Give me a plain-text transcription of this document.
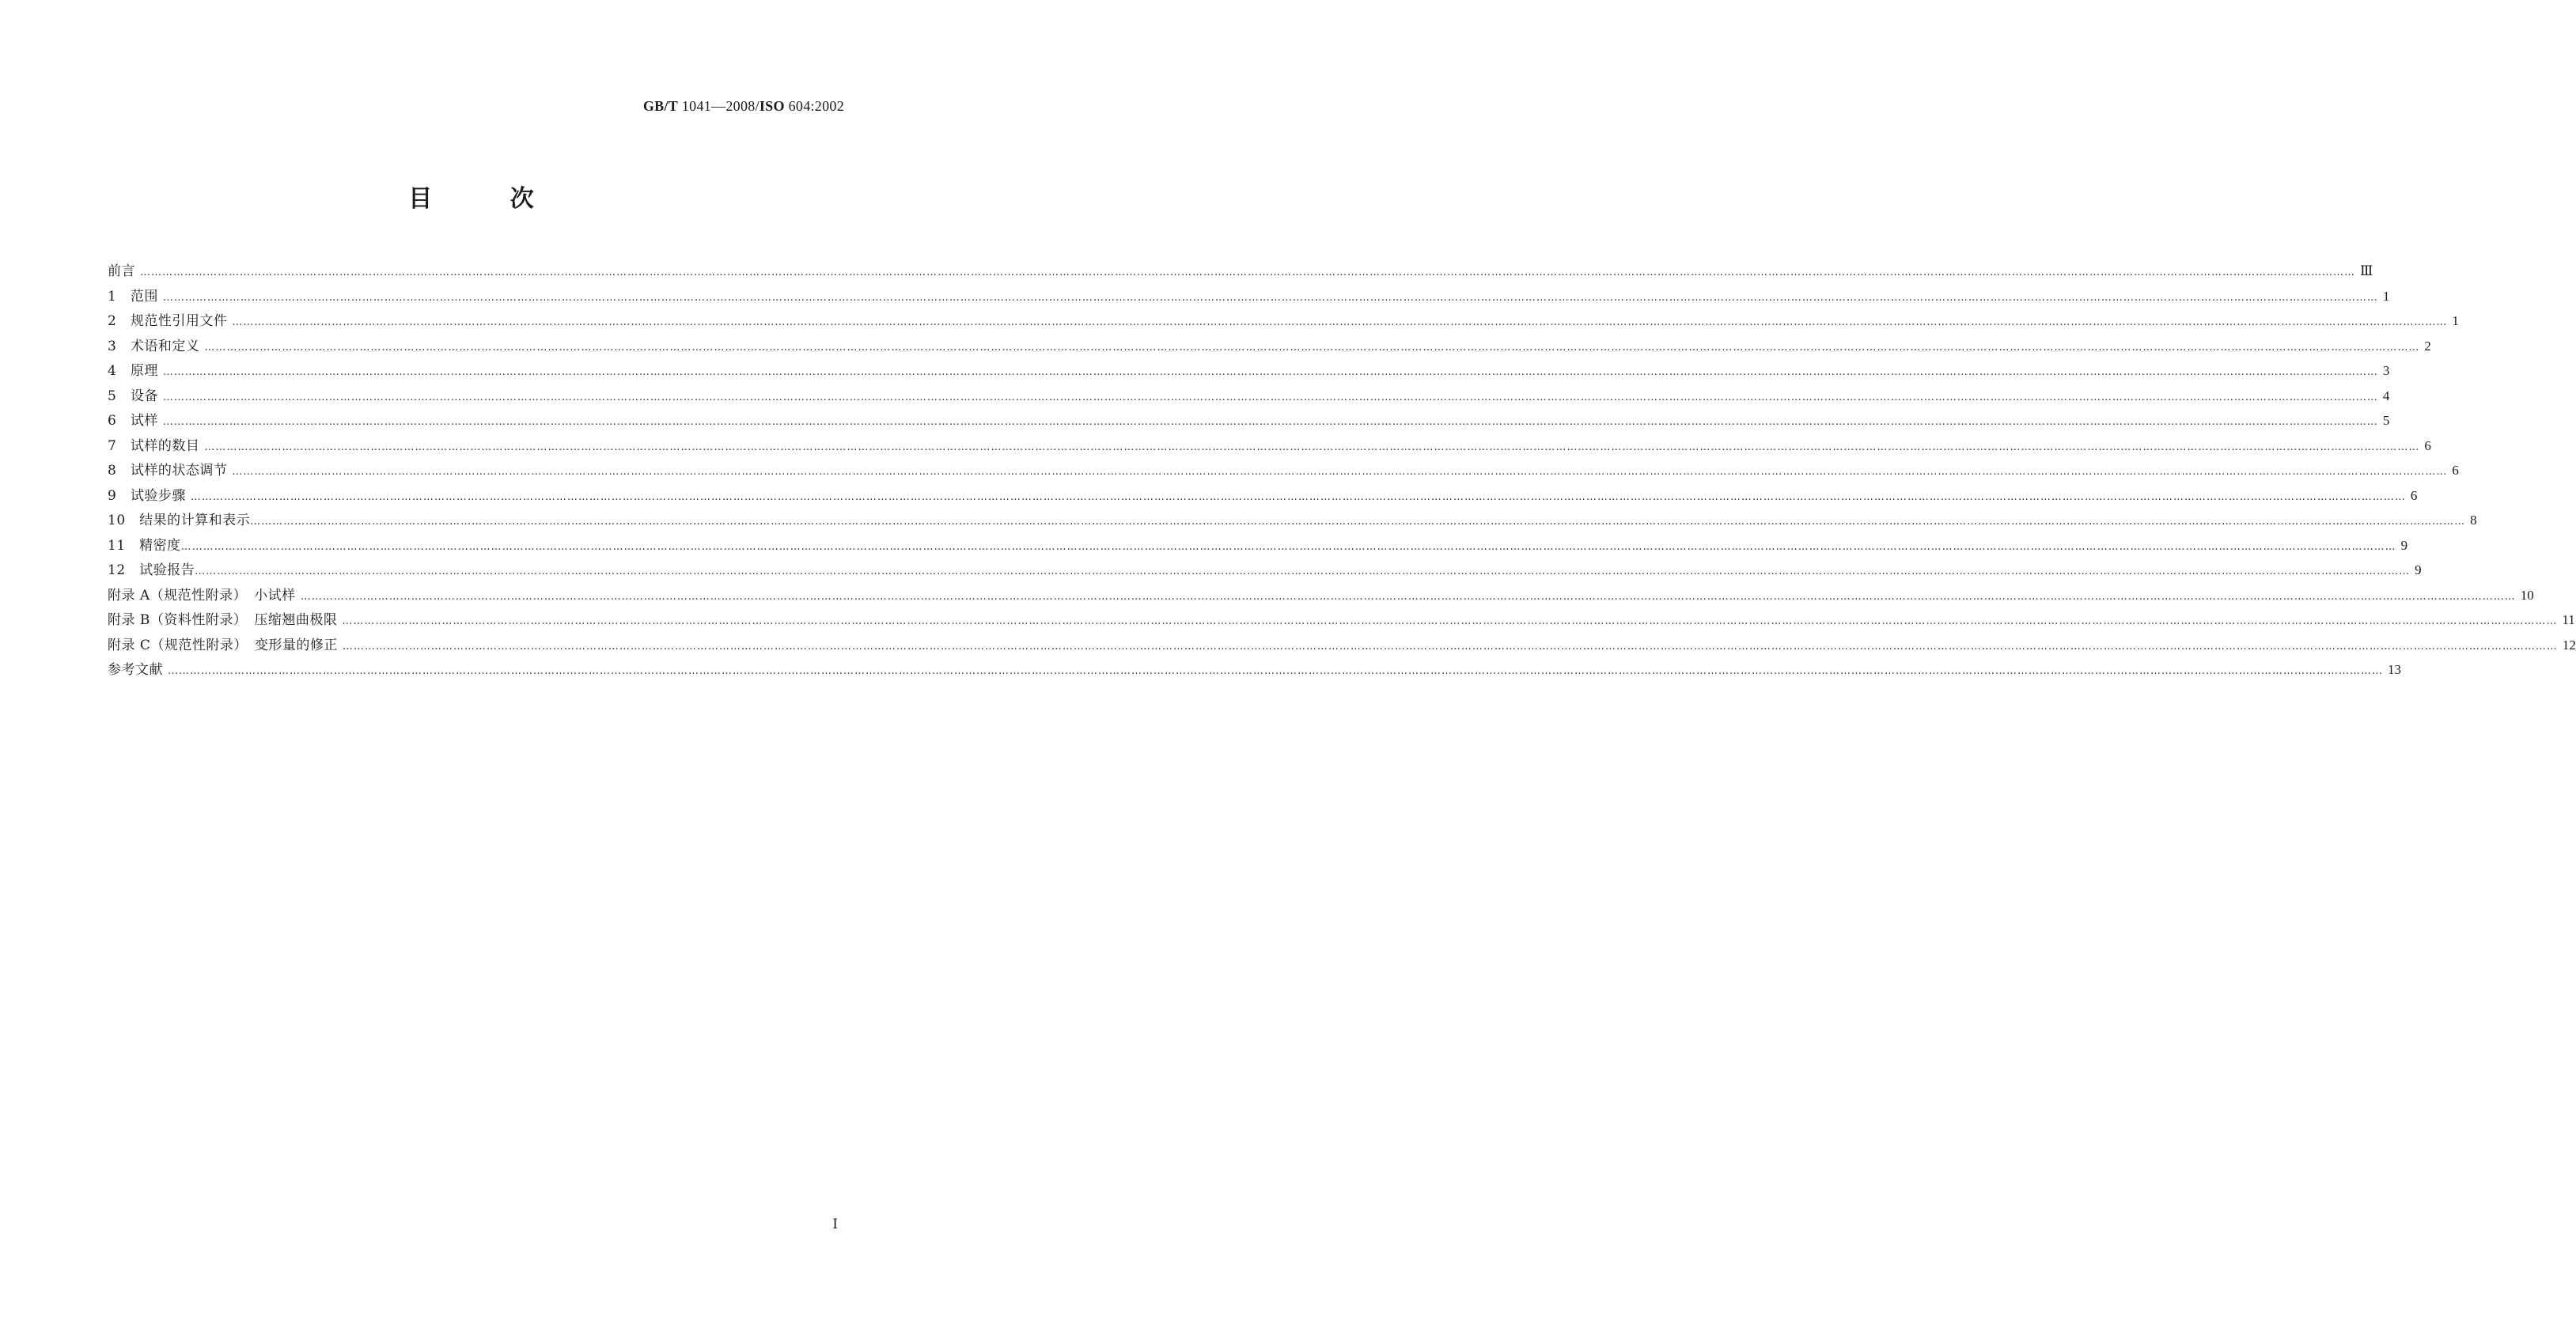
GB/T 1041—2008/ISO 604:2002
目 次
前言 …………………………………………………………………………………………………………………………………………………………………………………………………………………………………………………………………………………………………………………………………………………………………………………………………………………………………………………………………………………………………………………………………………………… Ⅲ
1　范围 …………………………………………………………………………………………………………………………………………………………………………………………………………………………………………………………………………………………………………………………………………………………………………………………………………………………………………………………………………………………………………………………………………………… 1
2　规范性引用文件 …………………………………………………………………………………………………………………………………………………………………………………………………………………………………………………………………………………………………………………………………………………………………………………………………………………………………………………………………………………………………………………………………………………… 1
3　术语和定义 …………………………………………………………………………………………………………………………………………………………………………………………………………………………………………………………………………………………………………………………………………………………………………………………………………………………………………………………………………………………………………………………………………………… 2
4　原理 …………………………………………………………………………………………………………………………………………………………………………………………………………………………………………………………………………………………………………………………………………………………………………………………………………………………………………………………………………………………………………………………………………………… 3
5　设备 …………………………………………………………………………………………………………………………………………………………………………………………………………………………………………………………………………………………………………………………………………………………………………………………………………………………………………………………………………………………………………………………………………………… 4
6　试样 …………………………………………………………………………………………………………………………………………………………………………………………………………………………………………………………………………………………………………………………………………………………………………………………………………………………………………………………………………………………………………………………………………………… 5
7　试样的数目 …………………………………………………………………………………………………………………………………………………………………………………………………………………………………………………………………………………………………………………………………………………………………………………………………………………………………………………………………………………………………………………………………………………… 6
8　试样的状态调节 …………………………………………………………………………………………………………………………………………………………………………………………………………………………………………………………………………………………………………………………………………………………………………………………………………………………………………………………………………………………………………………………………………………… 6
9　试验步骤 …………………………………………………………………………………………………………………………………………………………………………………………………………………………………………………………………………………………………………………………………………………………………………………………………………………………………………………………………………………………………………………………………………………… 6
10　结果的计算和表示 …………………………………………………………………………………………………………………………………………………………………………………………………………………………………………………………………………………………………………………………………………………………………………………………………………………………………………………………………………………………………………………………………………………… 8
11　精密度 …………………………………………………………………………………………………………………………………………………………………………………………………………………………………………………………………………………………………………………………………………………………………………………………………………………………………………………………………………………………………………………………………………………… 9
12　试验报告 …………………………………………………………………………………………………………………………………………………………………………………………………………………………………………………………………………………………………………………………………………………………………………………………………………………………………………………………………………………………………………………………………………………… 9
附录 A（规范性附录）　小试样 …………………………………………………………………………………………………………………………………………………………………………………………………………………………………………………………………………………………………………………………………………………………………………………………………………………………………………………………………………………………………………………………………………………… 10
附录 B（资料性附录）　压缩翘曲极限 …………………………………………………………………………………………………………………………………………………………………………………………………………………………………………………………………………………………………………………………………………………………………………………………………………………………………………………………………………………………………………………………………………………… 11
附录 C（规范性附录）　变形量的修正 …………………………………………………………………………………………………………………………………………………………………………………………………………………………………………………………………………………………………………………………………………………………………………………………………………………………………………………………………………………………………………………………………………………… 12
参考文献 …………………………………………………………………………………………………………………………………………………………………………………………………………………………………………………………………………………………………………………………………………………………………………………………………………………………………………………………………………………………………………………………………………………… 13
Ⅰ
